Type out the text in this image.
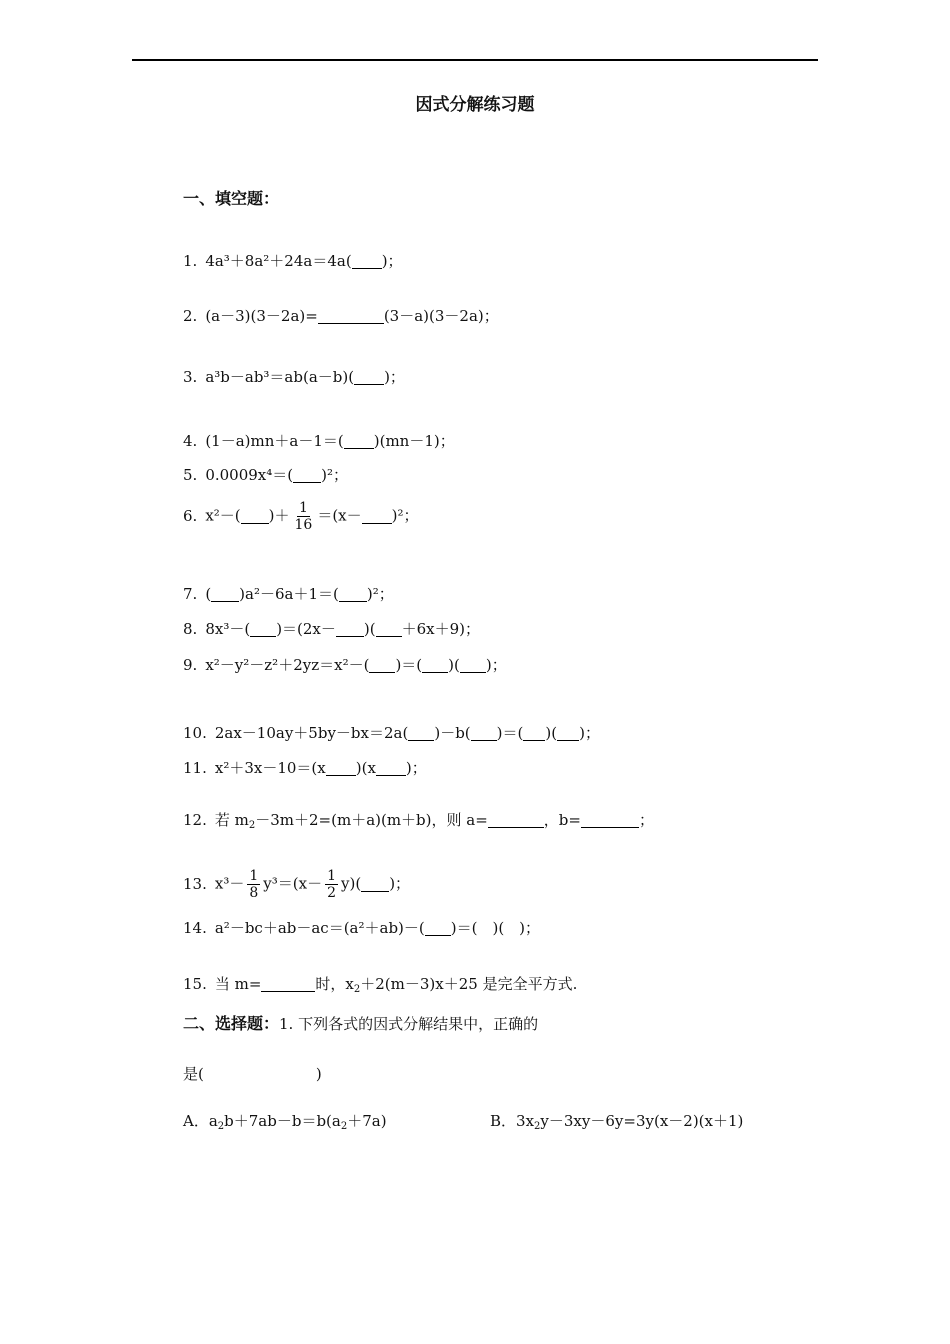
因式分解练习题
一、填空题：
1. 4a³＋8a²＋24a＝4a( )；
2. (a－3)(3－2a)=	(3－a)(3－2a)；
3. a³b－ab³＝ab(a－b)( )；
4. (1－a)mn＋a－1＝( )(mn－1)；
5. 0.0009x⁴＝( )²；
6. x²－( )＋ $\frac{1}{16} =(x- )^2$；
7. ( )a²－6a＋1＝( )²；
8. 8x³－( )＝(2x－ )( ＋6x＋9)；
9. x²－y²－z²＋2yz＝x²－( )＝( )( )；
10. 2ax－10ay＋5by－bx＝2a( )－b( )＝( )( )；
11. x²＋3x－10＝(x )(x )；
12. 若 $m_2-3m+2=(m+a)(m+b)$，则 a=	，b=	；
13. $x^3- \frac{1}{8} y^3=(x- \frac{1}{2} y)$( )；
14. a²－bc＋ab－ac＝(a²＋ab)－( )＝(　)(　)；
15. 当 m=	时，$x_2+2(m-3)x+25$ 是完全平方式.
二、选择题：1. 下列各式的因式分解结果中，正确的
是(	)
A．$a_2b+7ab-b=b(a_2+7a)$	B．$3x_2y-3xy-6y=3y(x-2)(x+1)$
